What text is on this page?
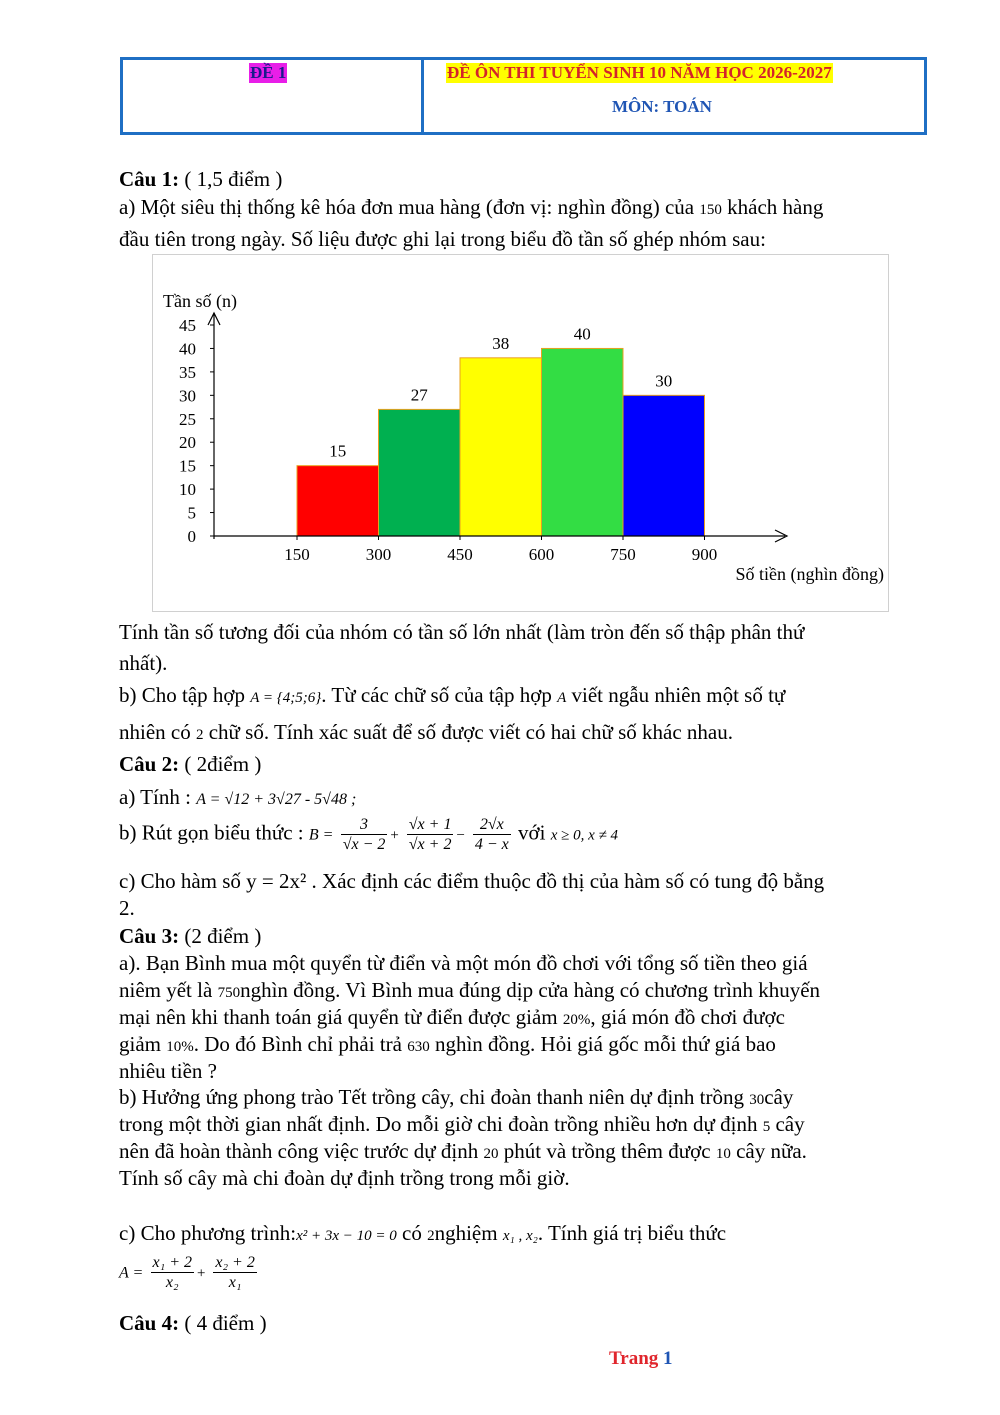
ĐỀ 1	ĐỀ ÔN THI TUYỂN SINH 10 NĂM HỌC 2026-2027
MÔN: TOÁN
Câu 1: ( 1,5 điểm )
a) Một siêu thị thống kê hóa đơn mua hàng (đơn vị: nghìn đồng) của 150 khách hàng
đầu tiên trong ngày. Số liệu được ghi lại trong biểu đồ tần số ghép nhóm sau:
15
27
38	40
30
0
5
10
15
20
25
30
35
40
45
150	300	450	600	750	900
Tần số (n)
Số tiền (nghìn đồng)
Tính tần số tương đối của nhóm có tần số lớn nhất (làm tròn đến số thập phân thứ
nhất).
b) Cho tập hợp A = {4;5;6}. Từ các chữ số của tập hợp A viết ngẫu nhiên một số tự
nhiên có 2 chữ số. Tính xác suất để số được viết có hai chữ số khác nhau.
Câu 2: ( 2điểm )
a) Tính : A = √12 + 3√27 - 5√48 ;
b) Rút gọn biểu thức : $B = \frac{3}{√x - 2} + \frac{√x + 1}{√x + 2} - \frac{2√x}{4 - x}$ với x ≥ 0, x ≠ 4
c) Cho hàm số y = 2x² . Xác định các điểm thuộc đồ thị của hàm số có tung độ bằng
2.
Câu 3: (2 điểm )
a). Bạn Bình mua một quyển từ điển và một món đồ chơi với tổng số tiền theo giá
niêm yết là 750nghìn đồng. Vì Bình mua đúng dịp cửa hàng có chương trình khuyến
mại nên khi thanh toán giá quyển từ điển được giảm 20%, giá món đồ chơi được
giảm 10%. Do đó Bình chỉ phải trả 630 nghìn đồng. Hỏi giá gốc mỗi thứ giá bao
nhiêu tiền ?
b) Hưởng ứng phong trào Tết trồng cây, chi đoàn thanh niên dự định trồng 30cây
trong một thời gian nhất định. Do mỗi giờ chi đoàn trồng nhiều hơn dự định 5 cây
nên đã hoàn thành công việc trước dự định 20 phút và trồng thêm được 10 cây nữa.
Tính số cây mà chi đoàn dự định trồng trong mỗi giờ.
c) Cho phương trình:x² + 3x − 10 = 0 có 2nghiệm x₁ , x₂. Tính giá trị biểu thức
$A = \frac{\text{x₁ + 2}}{\text{x₂}} + \frac{\text{x₂ + 2}}{\text{x₁}}$
Câu 4: ( 4 điểm )
Trang 1
